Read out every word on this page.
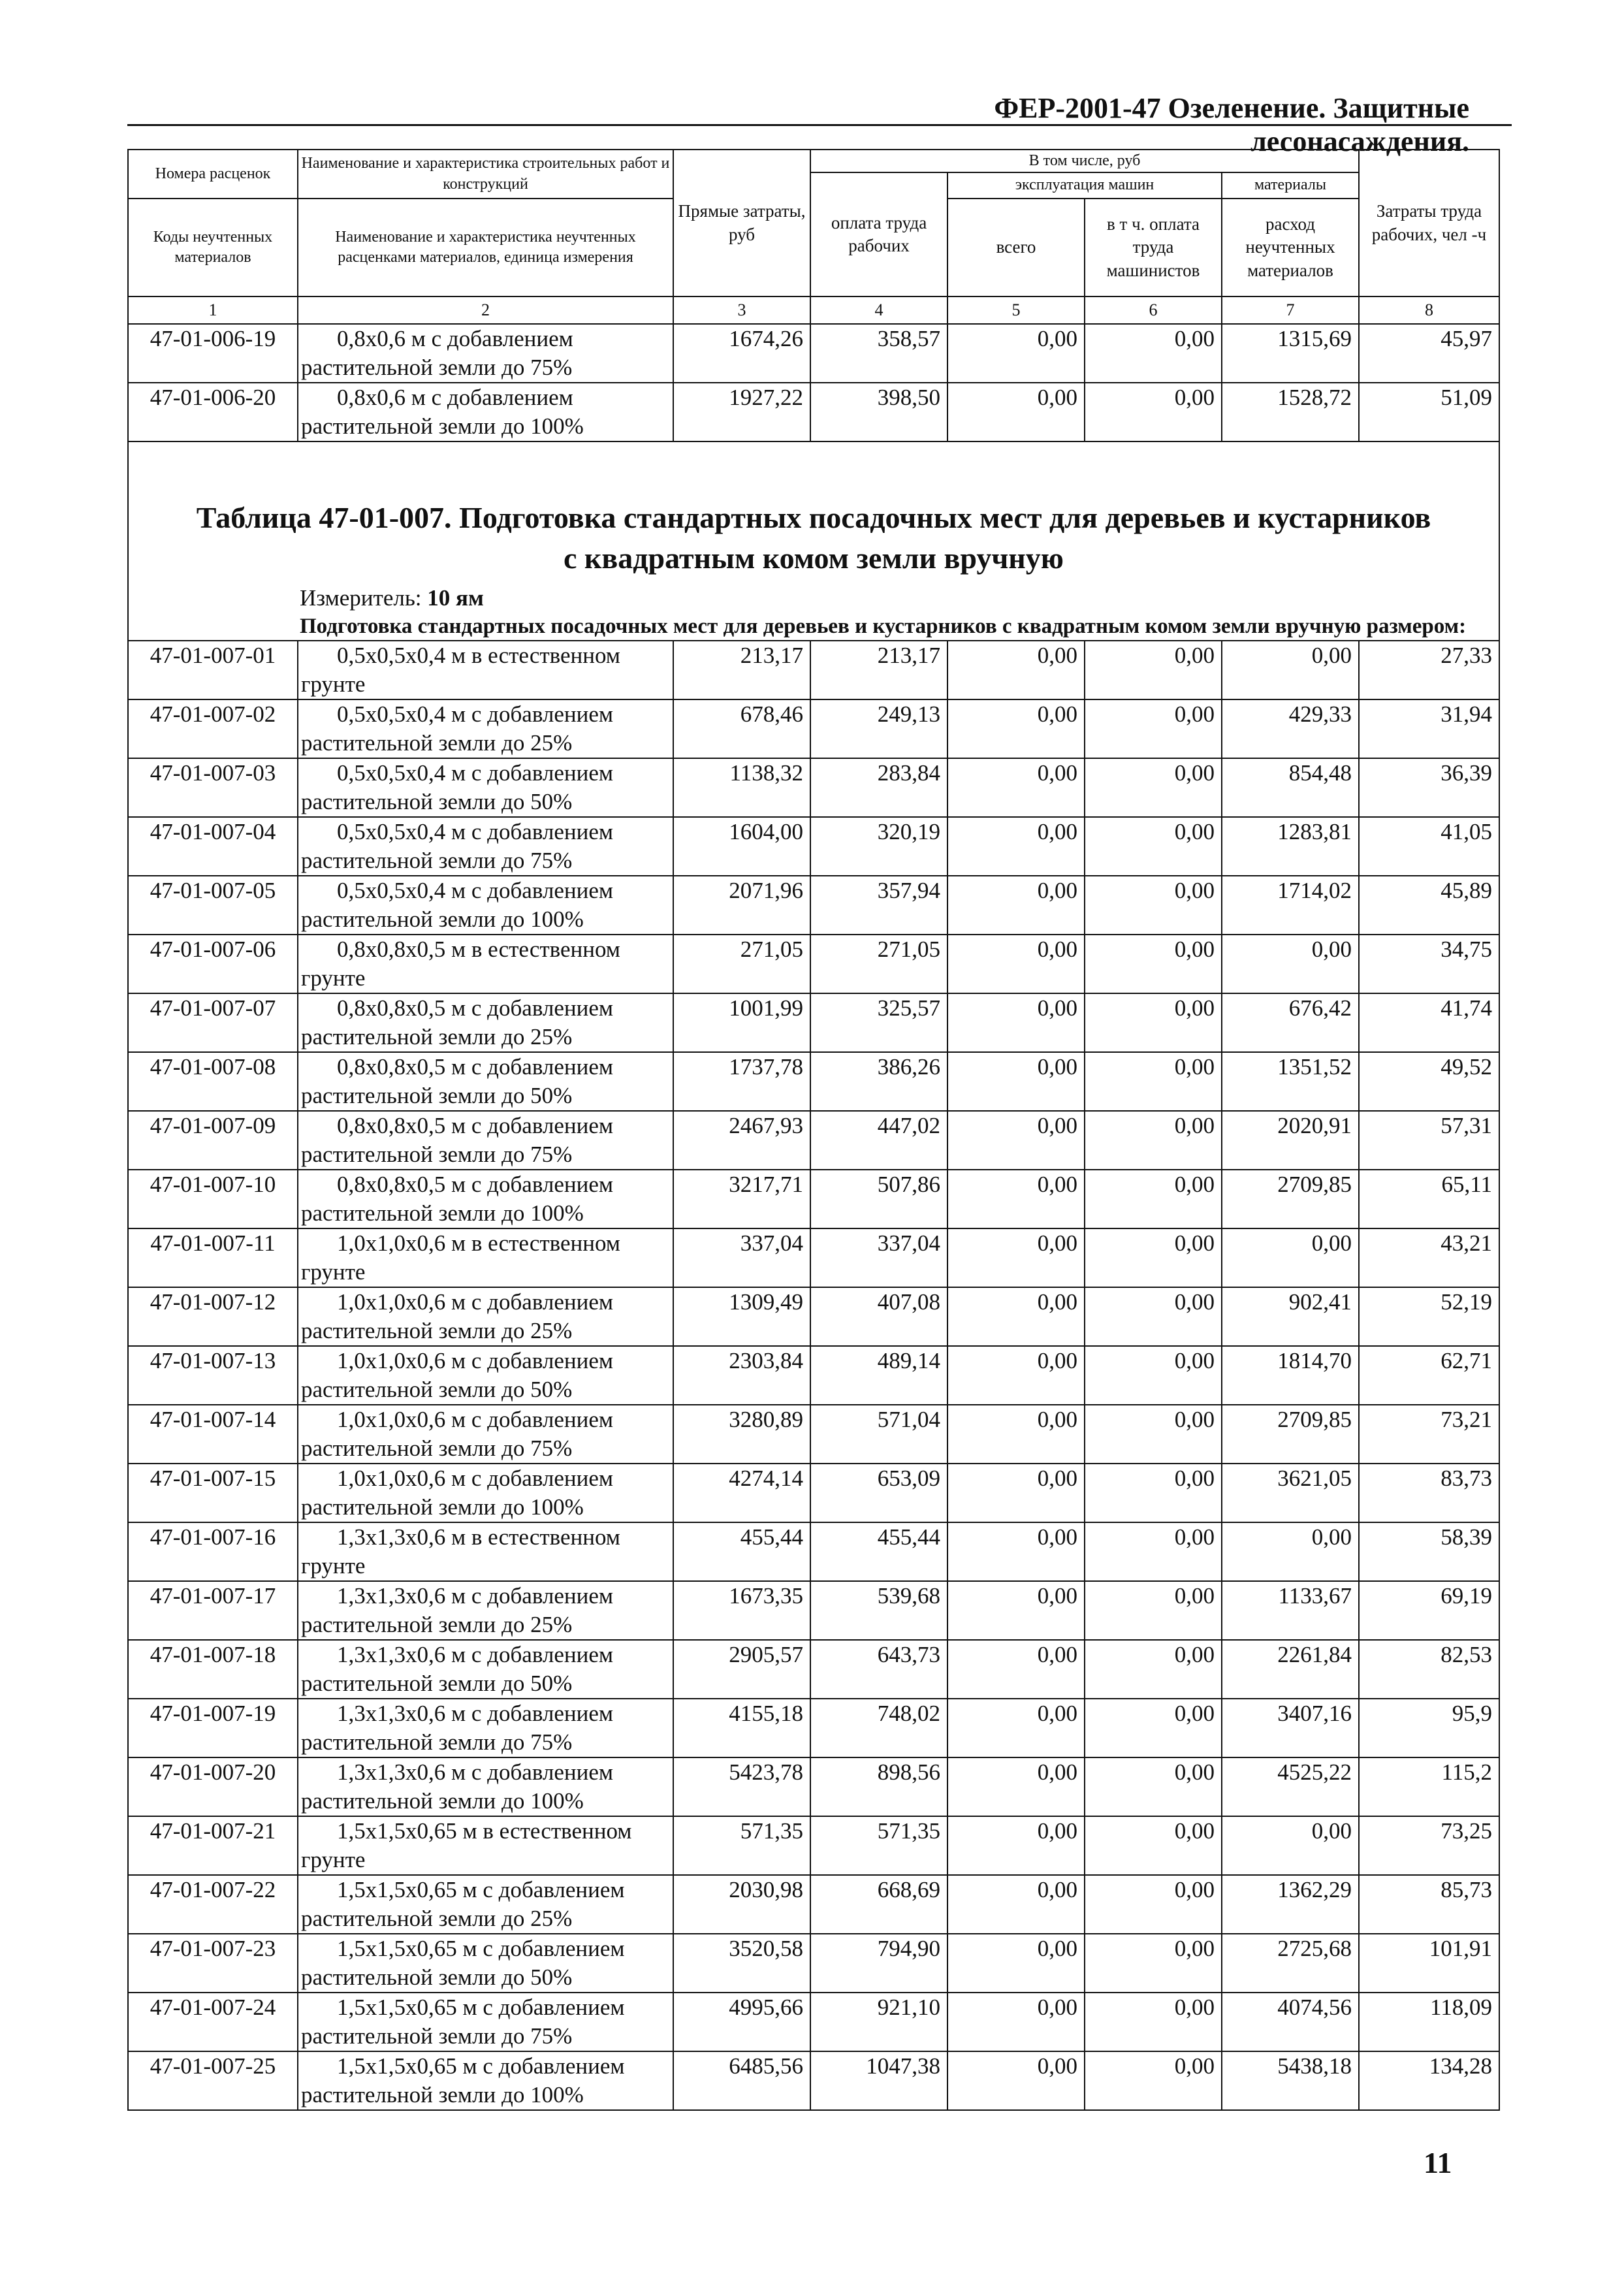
ФЕР-2001-47 Озеленение. Защитные лесонасаждения.
Номера расценок	Наименование и характеристика строительных работ и конструкций	Прямые затраты, руб	В том числе, руб				Затраты труда рабочих, чел -ч
			оплата труда рабочих	эксплуатация машин		материалы	
Коды неучтенных материалов	Наименование и характеристика неучтенных расценками материалов, единица измерения			всего	в т ч. оплата труда машинистов	расход неучтенных материалов	

1	2	3	4	5	6	7	8
47-01-006-19	0,8х0,6 м с добавлением
растительной земли до 75%	1674,26	358,57	0,00	0,00	1315,69	45,97
47-01-006-20	0,8х0,6 м с добавлением
растительной земли до 100%	1927,22	398,50	0,00	0,00	1528,72	51,09

Таблица 47-01-007. Подготовка стандартных посадочных мест для деревьев и кустарников
с квадратным комом земли вручную
Измеритель: 10 ям
Подготовка стандартных посадочных мест для деревьев и кустарников с квадратным комом земли вручную размером:							

47-01-007-01	0,5х0,5х0,4 м в естественном
грунте	213,17	213,17	0,00	0,00	0,00	27,33
47-01-007-02	0,5х0,5х0,4 м с добавлением
растительной земли до 25%	678,46	249,13	0,00	0,00	429,33	31,94
47-01-007-03	0,5х0,5х0,4 м с добавлением
растительной земли до 50%	1138,32	283,84	0,00	0,00	854,48	36,39
47-01-007-04	0,5х0,5х0,4 м с добавлением
растительной земли до 75%	1604,00	320,19	0,00	0,00	1283,81	41,05
47-01-007-05	0,5х0,5х0,4 м с добавлением
растительной земли до 100%	2071,96	357,94	0,00	0,00	1714,02	45,89
47-01-007-06	0,8х0,8х0,5 м в естественном
грунте	271,05	271,05	0,00	0,00	0,00	34,75
47-01-007-07	0,8х0,8х0,5 м с добавлением
растительной земли до 25%	1001,99	325,57	0,00	0,00	676,42	41,74
47-01-007-08	0,8х0,8х0,5 м с добавлением
растительной земли до 50%	1737,78	386,26	0,00	0,00	1351,52	49,52
47-01-007-09	0,8х0,8х0,5 м с добавлением
растительной земли до 75%	2467,93	447,02	0,00	0,00	2020,91	57,31
47-01-007-10	0,8х0,8х0,5 м с добавлением
растительной земли до 100%	3217,71	507,86	0,00	0,00	2709,85	65,11
47-01-007-11	1,0х1,0х0,6 м в естественном
грунте	337,04	337,04	0,00	0,00	0,00	43,21
47-01-007-12	1,0х1,0х0,6 м с добавлением
растительной земли до 25%	1309,49	407,08	0,00	0,00	902,41	52,19
47-01-007-13	1,0х1,0х0,6 м с добавлением
растительной земли до 50%	2303,84	489,14	0,00	0,00	1814,70	62,71
47-01-007-14	1,0х1,0х0,6 м с добавлением
растительной земли до 75%	3280,89	571,04	0,00	0,00	2709,85	73,21
47-01-007-15	1,0х1,0х0,6 м с добавлением
растительной земли до 100%	4274,14	653,09	0,00	0,00	3621,05	83,73
47-01-007-16	1,3х1,3х0,6 м в естественном
грунте	455,44	455,44	0,00	0,00	0,00	58,39
47-01-007-17	1,3х1,3х0,6 м с добавлением
растительной земли до 25%	1673,35	539,68	0,00	0,00	1133,67	69,19
47-01-007-18	1,3х1,3х0,6 м с добавлением
растительной земли до 50%	2905,57	643,73	0,00	0,00	2261,84	82,53
47-01-007-19	1,3х1,3х0,6 м с добавлением
растительной земли до 75%	4155,18	748,02	0,00	0,00	3407,16	95,9
47-01-007-20	1,3х1,3х0,6 м с добавлением
растительной земли до 100%	5423,78	898,56	0,00	0,00	4525,22	115,2
47-01-007-21	1,5х1,5х0,65 м в естественном
грунте	571,35	571,35	0,00	0,00	0,00	73,25
47-01-007-22	1,5х1,5х0,65 м с добавлением
растительной земли до 25%	2030,98	668,69	0,00	0,00	1362,29	85,73
47-01-007-23	1,5х1,5х0,65 м с добавлением
растительной земли до 50%	3520,58	794,90	0,00	0,00	2725,68	101,91
47-01-007-24	1,5х1,5х0,65 м с добавлением
растительной земли до 75%	4995,66	921,10	0,00	0,00	4074,56	118,09
47-01-007-25	1,5х1,5х0,65 м с добавлением
растительной земли до 100%	6485,56	1047,38	0,00	0,00	5438,18	134,28
11
